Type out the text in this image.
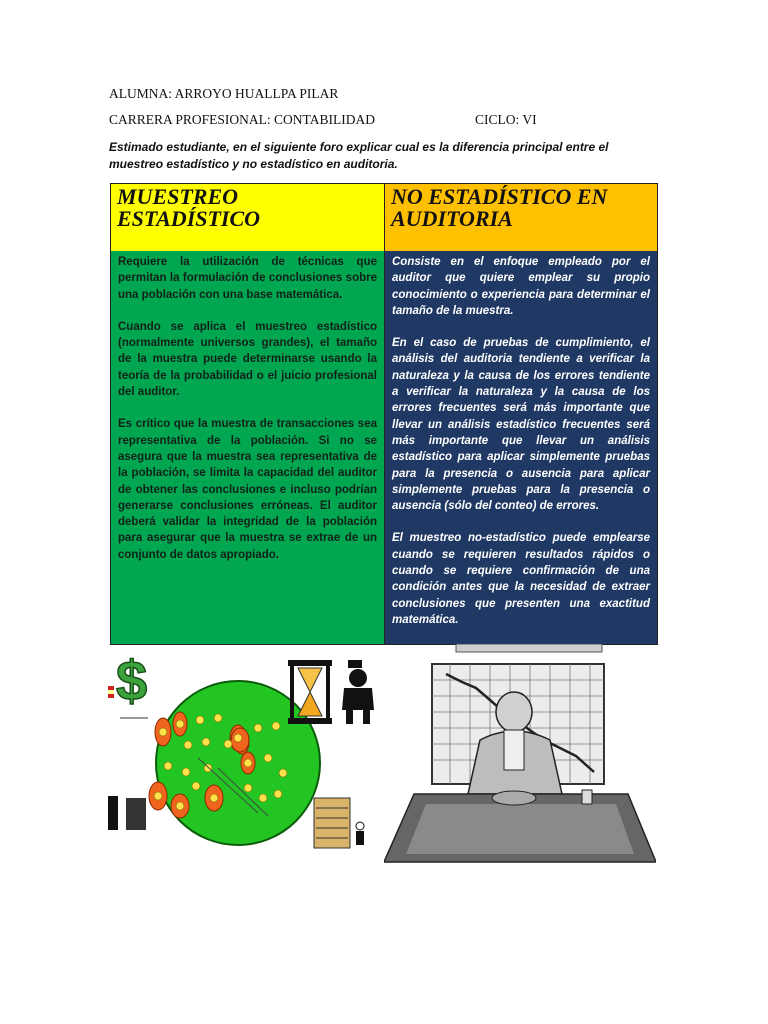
ALUMNA: ARROYO HUALLPA PILAR
CARRERA PROFESIONAL: CONTABILIDAD	CICLO: VI
Estimado estudiante, en el siguiente foro explicar cual es la diferencia principal entre el muestreo estadístico y no estadístico en auditoria.
MUESTREO ESTADÍSTICO
NO ESTADÍSTICO EN AUDITORIA

Requiere la utilización de técnicas que permitan la formulación de conclusiones sobre una población con una base matemática.

Cuando se aplica el muestreo estadístico (normalmente universos grandes), el tamaño de la muestra puede determinarse usando la teoría de la probabilidad o el juicio profesional del auditor.

Es crítico que la muestra de transacciones sea representativa de la población. Si no se asegura que la muestra sea representativa de la población, se limita la capacidad del auditor de obtener las conclusiones e incluso podrían generarse conclusiones erróneas. El auditor deberá validar la integridad de la población para asegurar que la muestra se extrae de un conjunto de datos apropiado.

Consiste en el enfoque empleado por el auditor que quiere emplear su propio conocimiento o experiencia para determinar el tamaño de la muestra.

En el caso de pruebas de cumplimiento, el análisis del auditoria tendiente a verificar la naturaleza y la causa de los errores tendiente a verificar la naturaleza y la causa de los errores frecuentes será más importante que llevar un análisis estadístico frecuentes será más importante que llevar un análisis estadístico para aplicar simplemente pruebas para la presencia o ausencia para aplicar simplemente pruebas para la presencia o ausencia (sólo del conteo) de errores.

El muestreo no-estadístico puede emplearse cuando se requieren resultados rápidos o cuando se requiere confirmación de una condición antes que la necesidad de extraer conclusiones que presenten una exactitud matemática.

$
